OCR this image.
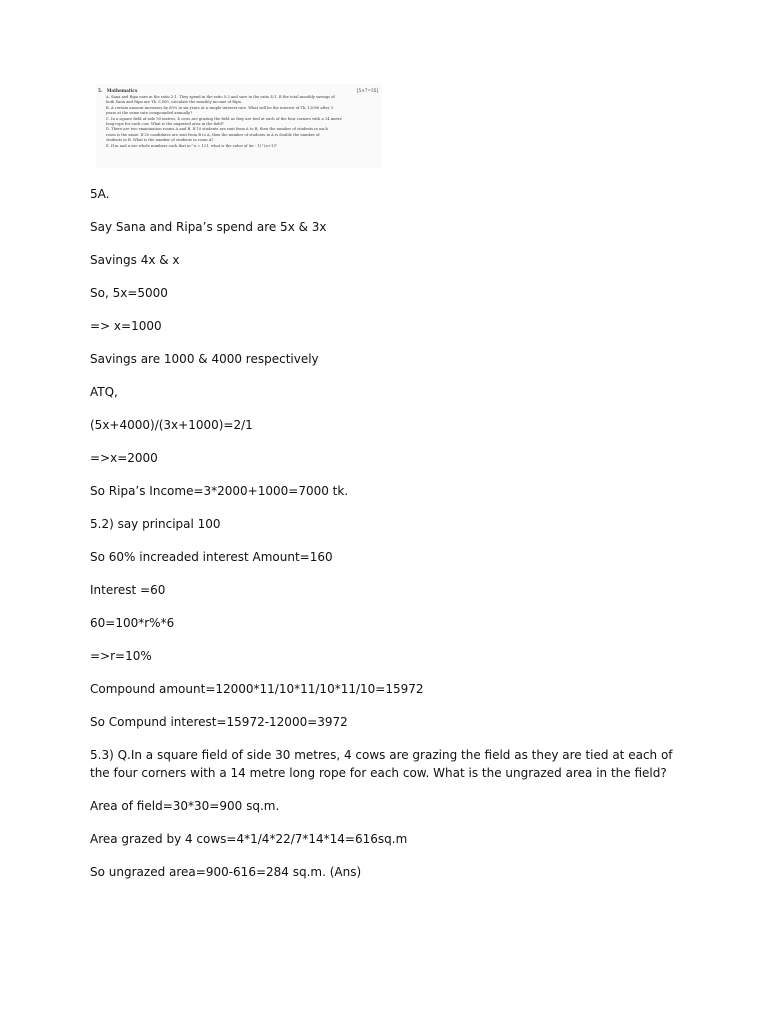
5. Mathematics	[5×7=35]
A. Sana and Ripa earn in the ratio 2:1. They spend in the ratio 5:3 and save in the ratio 4:1. If the total monthly savings of
both Sana and Ripa are Tk. 5,000, calculate the monthly income of Ripa.
B. A certain amount increases by 60% in six years at a simple interest rate. What will be the interest of Tk. 12000 after 3
years at the same rate compounded annually?
C. In a square field of side 30 metres, 4 cows are grazing the field as they are tied at each of the four corners with a 14 metre
long rope for each cow. What is the ungrazed area in the field?
D. There are two examination rooms A and B. If 10 students are sent from A to B, then the number of students in each
room is the same. If 20 candidates are sent from B to A, then the number of students in A is double the number of
students in B. What is the number of students in room A?
E. If m and n are whole numbers such that m^n = 121, what is the value of (m - 1)^(n+1)?

5A.

Say Sana and Ripa’s spend are 5x & 3x

Savings 4x & x

So, 5x=5000

=> x=1000

Savings are 1000 & 4000 respectively

ATQ,

(5x+4000)/(3x+1000)=2/1

=>x=2000

So Ripa’s Income=3*2000+1000=7000 tk.

5.2) say principal 100

So 60% increaded interest Amount=160

Interest =60

60=100*r%*6

=>r=10%

Compound amount=12000*11/10*11/10*11/10=15972

So Compund interest=15972-12000=3972

5.3) Q.In a square field of side 30 metres, 4 cows are grazing the field as they are tied at each of the four corners with a 14 metre long rope for each cow. What is the ungrazed area in the field?

Area of field=30*30=900 sq.m.

Area grazed by 4 cows=4*1/4*22/7*14*14=616sq.m

So ungrazed area=900-616=284 sq.m. (Ans)
